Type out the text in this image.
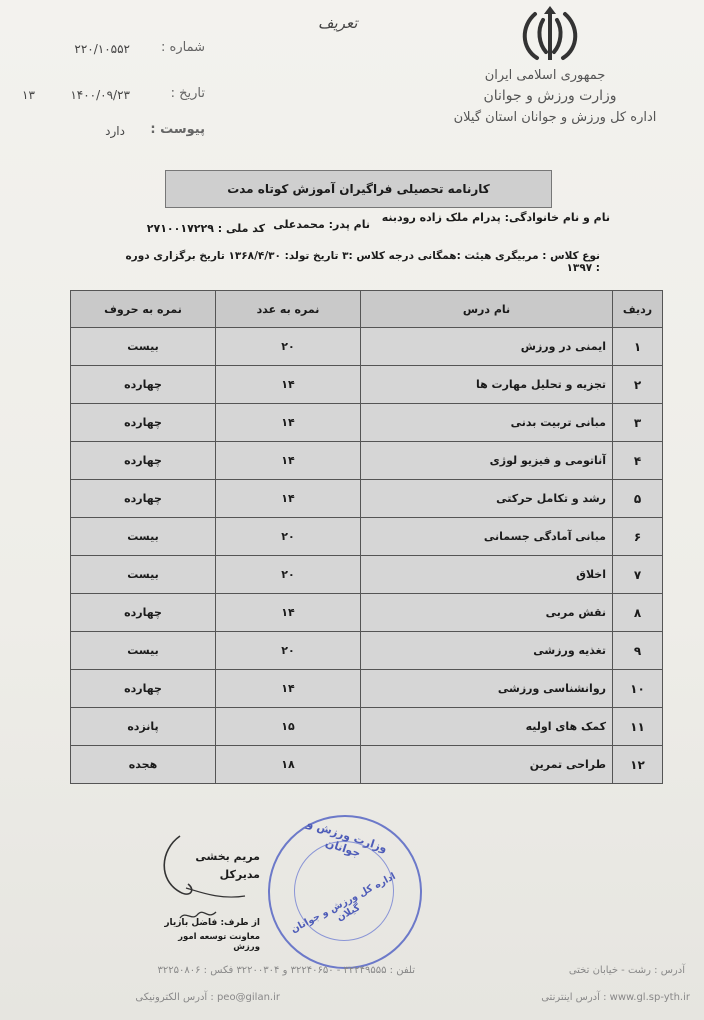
تعریف
شماره :
۲۲۰/۱۰۵۵۲
تاریخ :
۱۴۰۰/۰۹/۲۳
۱۳
پیوست :
دارد
جمهوری اسلامی ایران
وزارت ورزش و جوانان
اداره کل ورزش و جوانان استان گیلان
کارنامه تحصیلی فراگیران آموزش کوتاه مدت
نام و نام خانوادگی: پدرام ملک زاده رودبنه
نام پدر: محمدعلی
کد ملی : ۲۷۱۰۰۱۷۲۲۹
نوع کلاس : مربیگری هیئت :همگانی درجه کلاس :۳ تاریخ تولد: ۱۳۶۸/۴/۳۰ تاریخ برگزاری دوره : ۱۳۹۷
ردیف	نام درس	نمره به عدد	نمره به حروف
۱	ایمنی در ورزش	۲۰	بیست
۲	تجزیه و تحلیل مهارت ها	۱۴	چهارده
۳	مبانی تربیت بدنی	۱۴	چهارده
۴	آناتومی و فیزیو لوژی	۱۴	چهارده
۵	رشد و تکامل حرکتی	۱۴	چهارده
۶	مبانی آمادگی جسمانی	۲۰	بیست
۷	اخلاق	۲۰	بیست
۸	نقش مربی	۱۴	چهارده
۹	تغذیه ورزشی	۲۰	بیست
۱۰	روانشناسی ورزشی	۱۴	چهارده
۱۱	کمک های اولیه	۱۵	پانزده
۱۲	طراحی تمرین	۱۸	هجده
مریم بخشی
مدیرکل
از طرف: فاضل بازیار
معاونت توسعه امور ورزش
وزارت ورزش و جوانان
اداره کل ورزش و جوانان گیلان
آدرس : رشت - خیابان تختی
تلفن : ۳۲۲۴۹۵۵۵ - ۳۲۲۴۰۶۵۰ و ۳۲۲۰۰۳۰۴ فکس : ۳۲۲۵۰۸۰۶
www.gl.sp-yth.ir : آدرس اینترنتی
peo@gilan.ir : آدرس الکترونیکی
